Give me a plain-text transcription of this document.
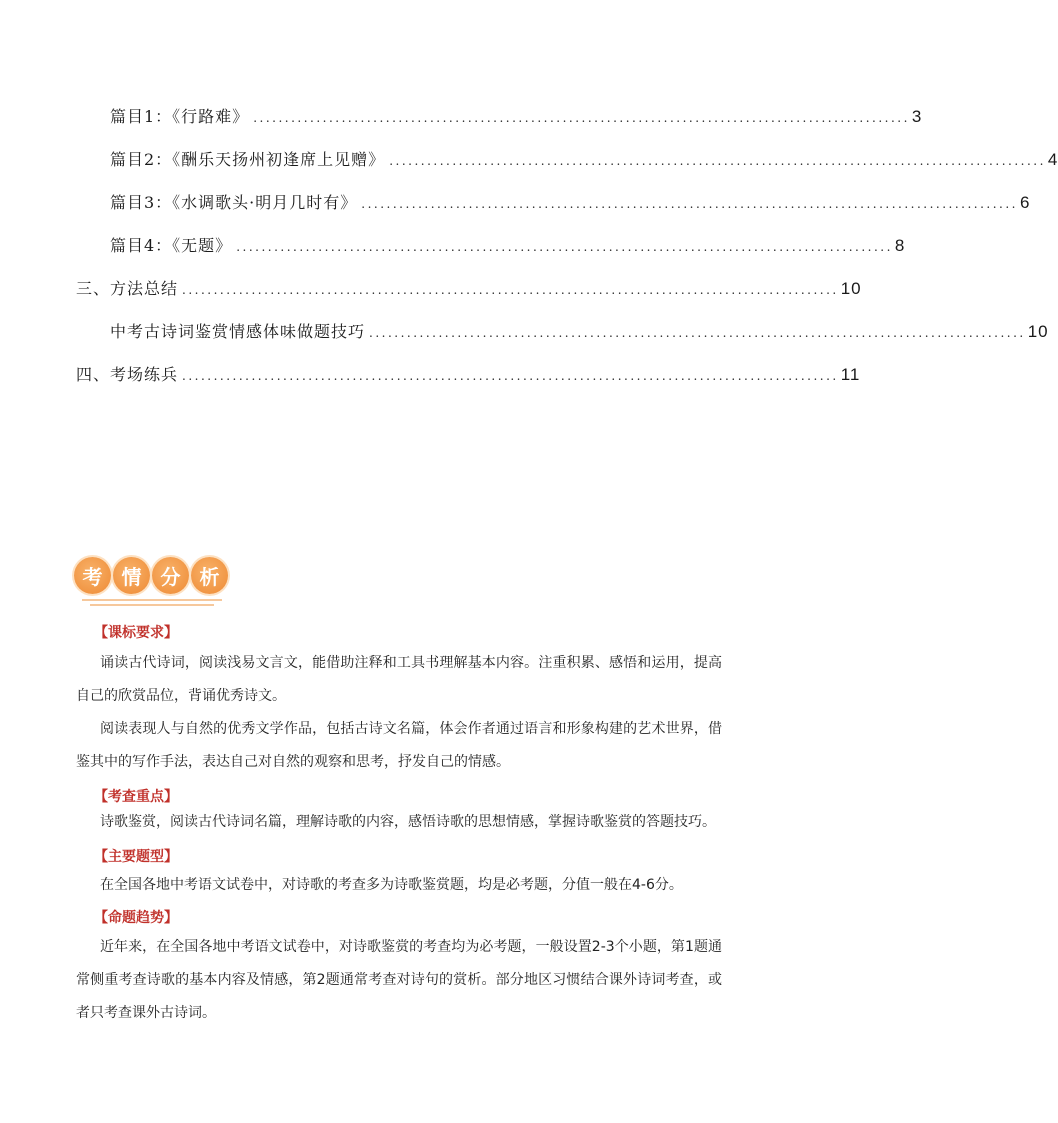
篇目1：《行路难》 ........................................................................................................ 3
篇目2：《酬乐天扬州初逢席上见赠》 ........................................................................................................ 4
篇目3：《水调歌头·明月几时有》 ........................................................................................................ 6
篇目4：《无题》 ........................................................................................................ 8
三、方法总结 ........................................................................................................ 10
中考古诗词鉴赏情感体味做题技巧 ........................................................................................................ 10
四、考场练兵 ........................................................................................................ 11
考 情 分 析
【课标要求】
诵读古代诗词，阅读浅易文言文，能借助注释和工具书理解基本内容。注重积累、感悟和运用，提高自己的欣赏品位，背诵优秀诗文。
阅读表现人与自然的优秀文学作品，包括古诗文名篇，体会作者通过语言和形象构建的艺术世界，借鉴其中的写作手法，表达自己对自然的观察和思考，抒发自己的情感。
【考查重点】
诗歌鉴赏，阅读古代诗词名篇，理解诗歌的内容，感悟诗歌的思想情感，掌握诗歌鉴赏的答题技巧。
【主要题型】
在全国各地中考语文试卷中，对诗歌的考查多为诗歌鉴赏题，均是必考题，分值一般在4-6分。
【命题趋势】
近年来，在全国各地中考语文试卷中，对诗歌鉴赏的考查均为必考题，一般设置2-3个小题，第1题通常侧重考查诗歌的基本内容及情感，第2题通常考查对诗句的赏析。部分地区习惯结合课外诗词考查，或者只考查课外古诗词。
